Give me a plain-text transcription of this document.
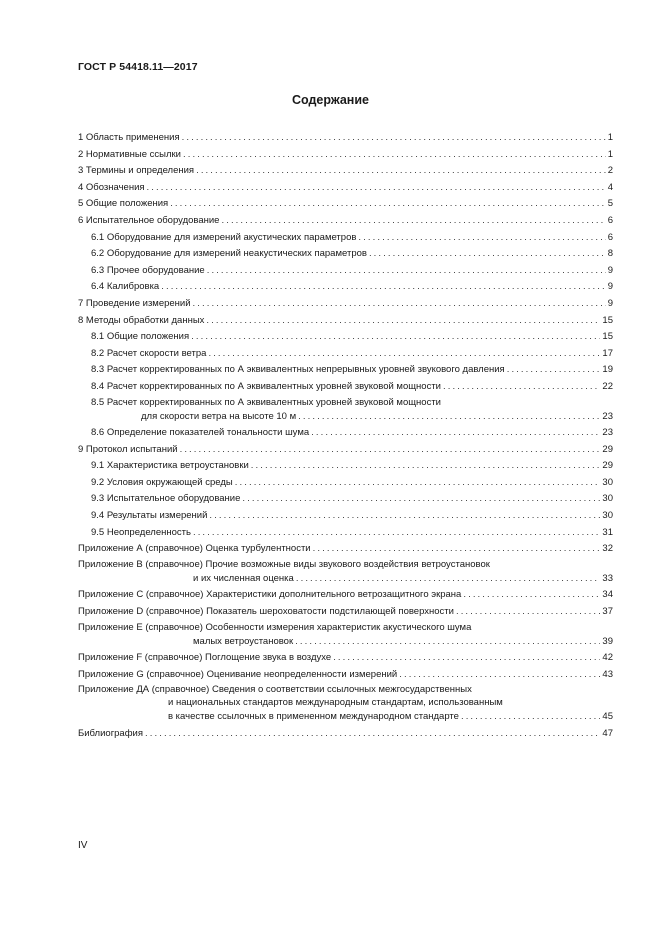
ГОСТ Р 54418.11—2017
Содержание
1 Область применения .....	1
2 Нормативные ссылки .....	1
3 Термины и определения .....	2
4 Обозначения .....	4
5 Общие положения .....	5
6 Испытательное оборудование .....	6
6.1 Оборудование для измерений акустических параметров .....	6
6.2 Оборудование для измерений неакустических параметров .....	8
6.3 Прочее оборудование .....	9
6.4 Калибровка .....	9
7 Проведение измерений .....	9
8 Методы обработки данных .....	15
8.1 Общие положения .....	15
8.2 Расчет скорости ветра .....	17
8.3 Расчет корректированных по А эквивалентных непрерывных уровней звукового давления .....	19
8.4 Расчет корректированных по А эквивалентных уровней звуковой мощности .....	22
8.5 Расчет корректированных по А эквивалентных уровней звуковой мощности
для скорости ветра на высоте 10 м .....	23
8.6 Определение показателей тональности шума .....	23
9 Протокол испытаний .....	29
9.1 Характеристика ветроустановки .....	29
9.2 Условия окружающей среды .....	30
9.3 Испытательное оборудование .....	30
9.4 Результаты измерений .....	30
9.5 Неопределенность .....	31
Приложение А (справочное) Оценка турбулентности .....	32
Приложение В (справочное) Прочие возможные виды звукового воздействия ветроустановок
и их численная оценка .....	33
Приложение С (справочное) Характеристики дополнительного ветрозащитного экрана .....	34
Приложение D (справочное) Показатель шероховатости подстилающей поверхности .....	37
Приложение Е (справочное) Особенности измерения характеристик акустического шума
малых ветроустановок .....	39
Приложение F (справочное) Поглощение звука в воздухе .....	42
Приложение G (справочное) Оценивание неопределенности измерений .....	43
Приложение ДА (справочное) Сведения о соответствии ссылочных межгосударственных
и национальных стандартов международным стандартам, использованным
в качестве ссылочных в примененном международном стандарте .....	45
Библиография .....	47
IV
